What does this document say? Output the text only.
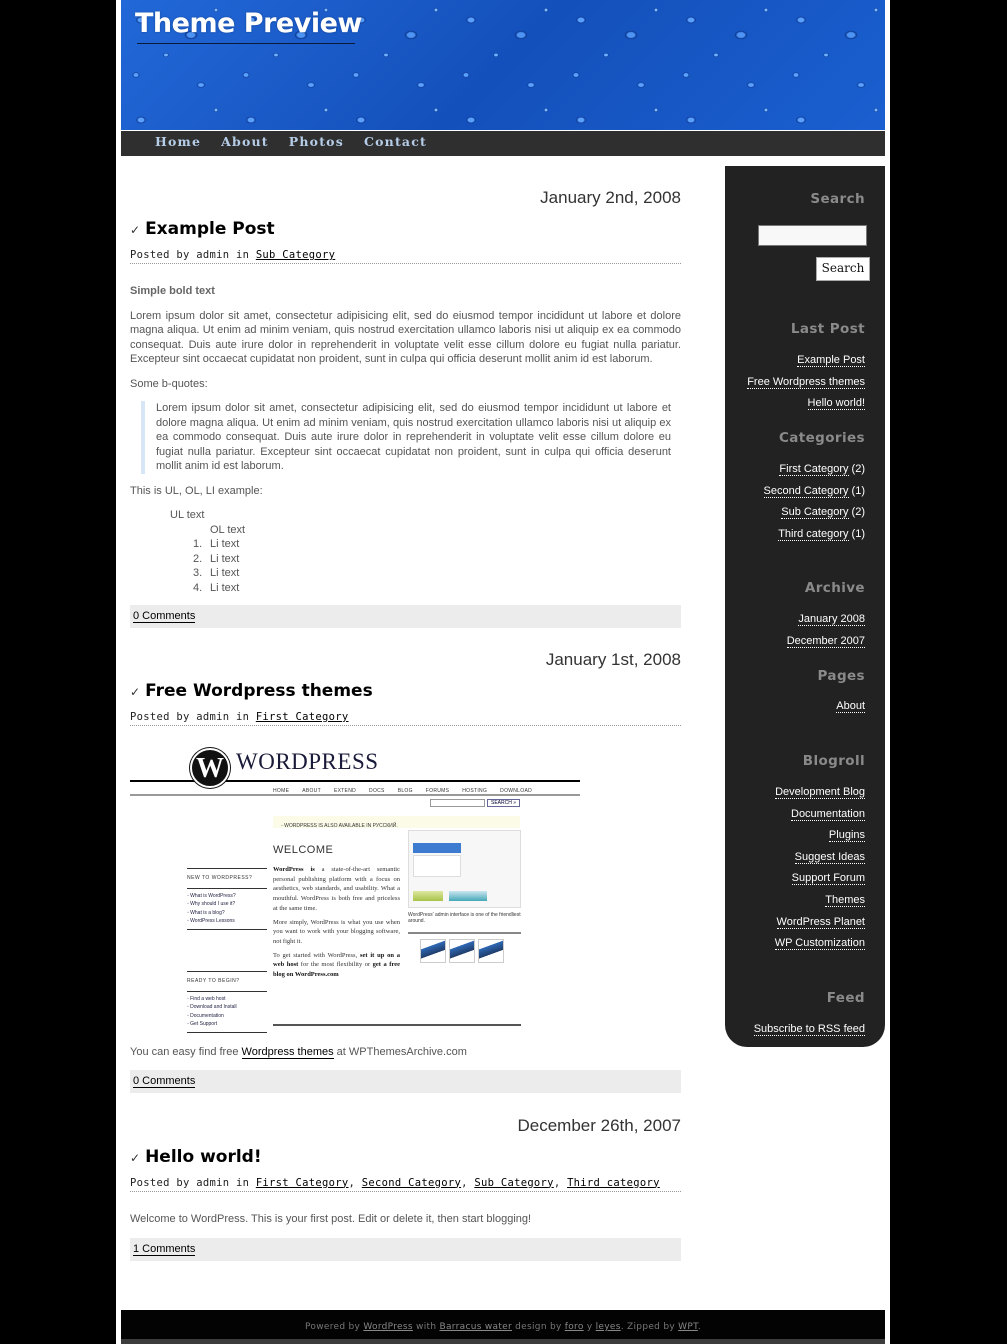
Theme Preview
Home About Photos Contact
January 2nd, 2008
✓ Example Post
Posted by admin in Sub Category

Simple bold text

Lorem ipsum dolor sit amet, consectetur adipisicing elit, sed do eiusmod tempor incididunt ut labore et dolore magna aliqua. Ut enim ad minim veniam, quis nostrud exercitation ullamco laboris nisi ut aliquip ex ea commodo consequat. Duis aute irure dolor in reprehenderit in voluptate velit esse cillum dolore eu fugiat nulla pariatur. Excepteur sint occaecat cupidatat non proident, sunt in culpa qui officia deserunt mollit anim id est laborum.

Some b-quotes:

Lorem ipsum dolor sit amet, consectetur adipisicing elit, sed do eiusmod tempor incididunt ut labore et dolore magna aliqua. Ut enim ad minim veniam, quis nostrud exercitation ullamco laboris nisi ut aliquip ex ea commodo consequat. Duis aute irure dolor in reprehenderit in voluptate velit esse cillum dolore eu fugiat nulla pariatur. Excepteur sint occaecat cupidatat non proident, sunt in culpa qui officia deserunt mollit anim id est laborum.

This is UL, OL, LI example:

UL text
OL text
1. Li text
2. Li text
3. Li text
4. Li text
0 Comments
January 1st, 2008
✓ Free Wordpress themes
Posted by admin in First Category
W WORDPRESS
HOME	ABOUT	EXTEND	DOCS	BLOG	FORUMS	HOSTING	DOWNLOAD
SEARCH »
◦ WORDPRESS IS ALSO AVAILABLE IN РУССКИЙ.
WELCOME

WordPress is a state-of-the-art semantic personal publishing platform with a focus on aesthetics, web standards, and usability. What a mouthful. WordPress is both free and priceless at the same time.

More simply, WordPress is what you use when you want to work with your blogging software, not fight it.

To get started with WordPress, set it up on a web host for the most flexibility or get a free blog on WordPress.com

NEW TO WORDPRESS?
◦ What is WordPress?
◦ Why should I use it?
◦ What is a blog?
◦ WordPress Lessons
READY TO BEGIN?
◦ Find a web host
◦ Download and Install
◦ Documentation
◦ Get Support
WordPress' admin interface is one of the friendliest around.

You can easy find free Wordpress themes at WPThemesArchive.com

0 Comments
December 26th, 2007
✓ Hello world!
Posted by admin in First Category, Second Category, Sub Category, Third category

Welcome to WordPress. This is your first post. Edit or delete it, then start blogging!

1 Comments
Search
Search
Last Post
Example Post
Free Wordpress themes
Hello world!
Categories
First Category (2)
Second Category (1)
Sub Category (2)
Third category (1)
Archive
January 2008
December 2007
Pages
About
Blogroll
Development Blog
Documentation
Plugins
Suggest Ideas
Support Forum
Themes
WordPress Planet
WP Customization
Feed
Subscribe to RSS feed
Powered by WordPress with Barracus water design by foro y leyes. Zipped by WPT.
